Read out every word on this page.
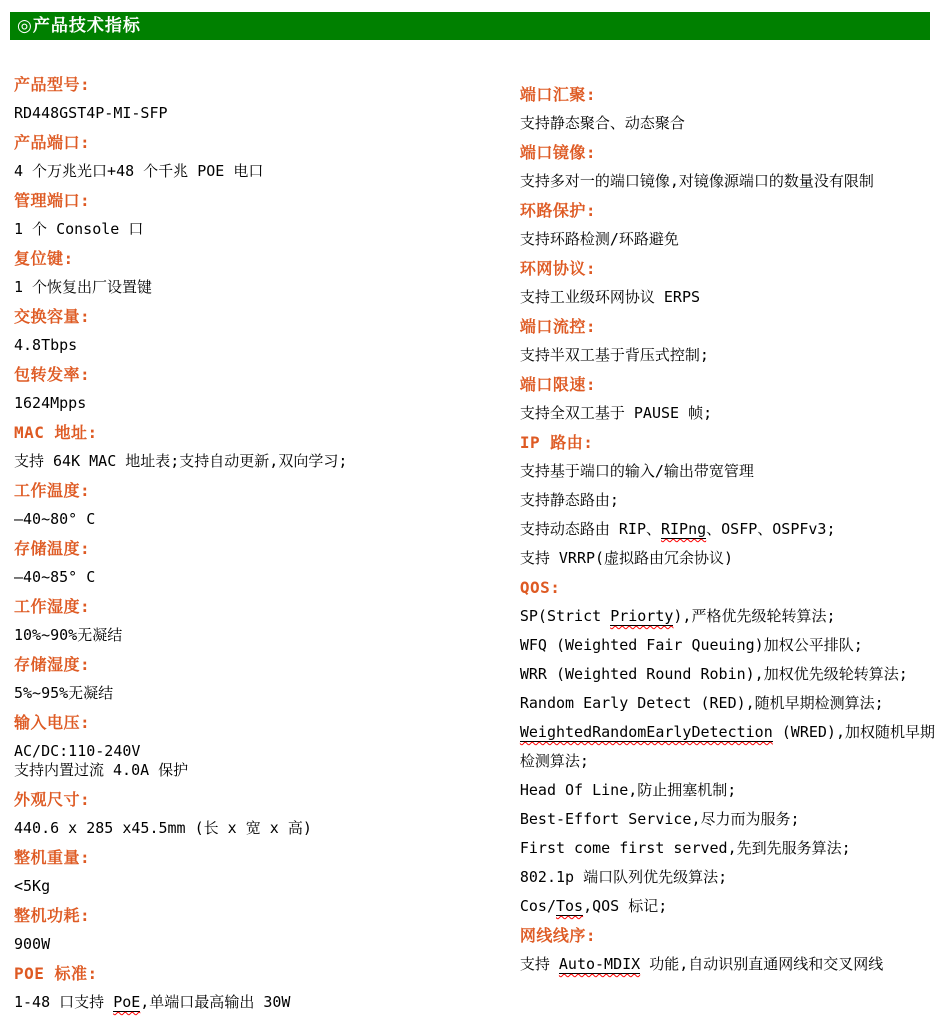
◎产品技术指标

产品型号:

RD448GST4P-MI-SFP

产品端口:

4 个万兆光口+48 个千兆 POE 电口

管理端口:

1 个 Console 口

复位键:

1 个恢复出厂设置键

交换容量:

4.8Tbps

包转发率:

1624Mpps

MAC 地址:

支持 64K MAC 地址表;支持自动更新,双向学习;

工作温度:

—40~80° C

存储温度:

—40~85° C

工作湿度:

10%~90%无凝结

存储湿度:

5%~95%无凝结

输入电压:

AC/DC:110-240V
支持内置过流 4.0A 保护

外观尺寸:

440.6 x 285 x45.5mm (长 x 宽 x 高)

整机重量:

<5Kg

整机功耗:

900W

POE 标准:

1-48 口支持 PoE,单端口最高输出 30W

端口汇聚:

支持静态聚合、动态聚合

端口镜像:

支持多对一的端口镜像,对镜像源端口的数量没有限制

环路保护:

支持环路检测/环路避免

环网协议:

支持工业级环网协议 ERPS

端口流控:

支持半双工基于背压式控制;

端口限速:

支持全双工基于 PAUSE 帧;

IP 路由:

支持基于端口的输入/输出带宽管理

支持静态路由;

支持动态路由 RIP、RIPng、OSFP、OSPFv3;

支持 VRRP(虚拟路由冗余协议)

QOS:

SP(Strict Priorty),严格优先级轮转算法;

WFQ (Weighted Fair Queuing)加权公平排队;

WRR (Weighted Round Robin),加权优先级轮转算法;

Random Early Detect (RED),随机早期检测算法;

WeightedRandomEarlyDetection (WRED),加权随机早期
检测算法;

Head Of Line,防止拥塞机制;

Best-Effort Service,尽力而为服务;

First come first served,先到先服务算法;

802.1p 端口队列优先级算法;

Cos/Tos,QOS 标记;

网线线序:

支持 Auto-MDIX 功能,自动识别直通网线和交叉网线
